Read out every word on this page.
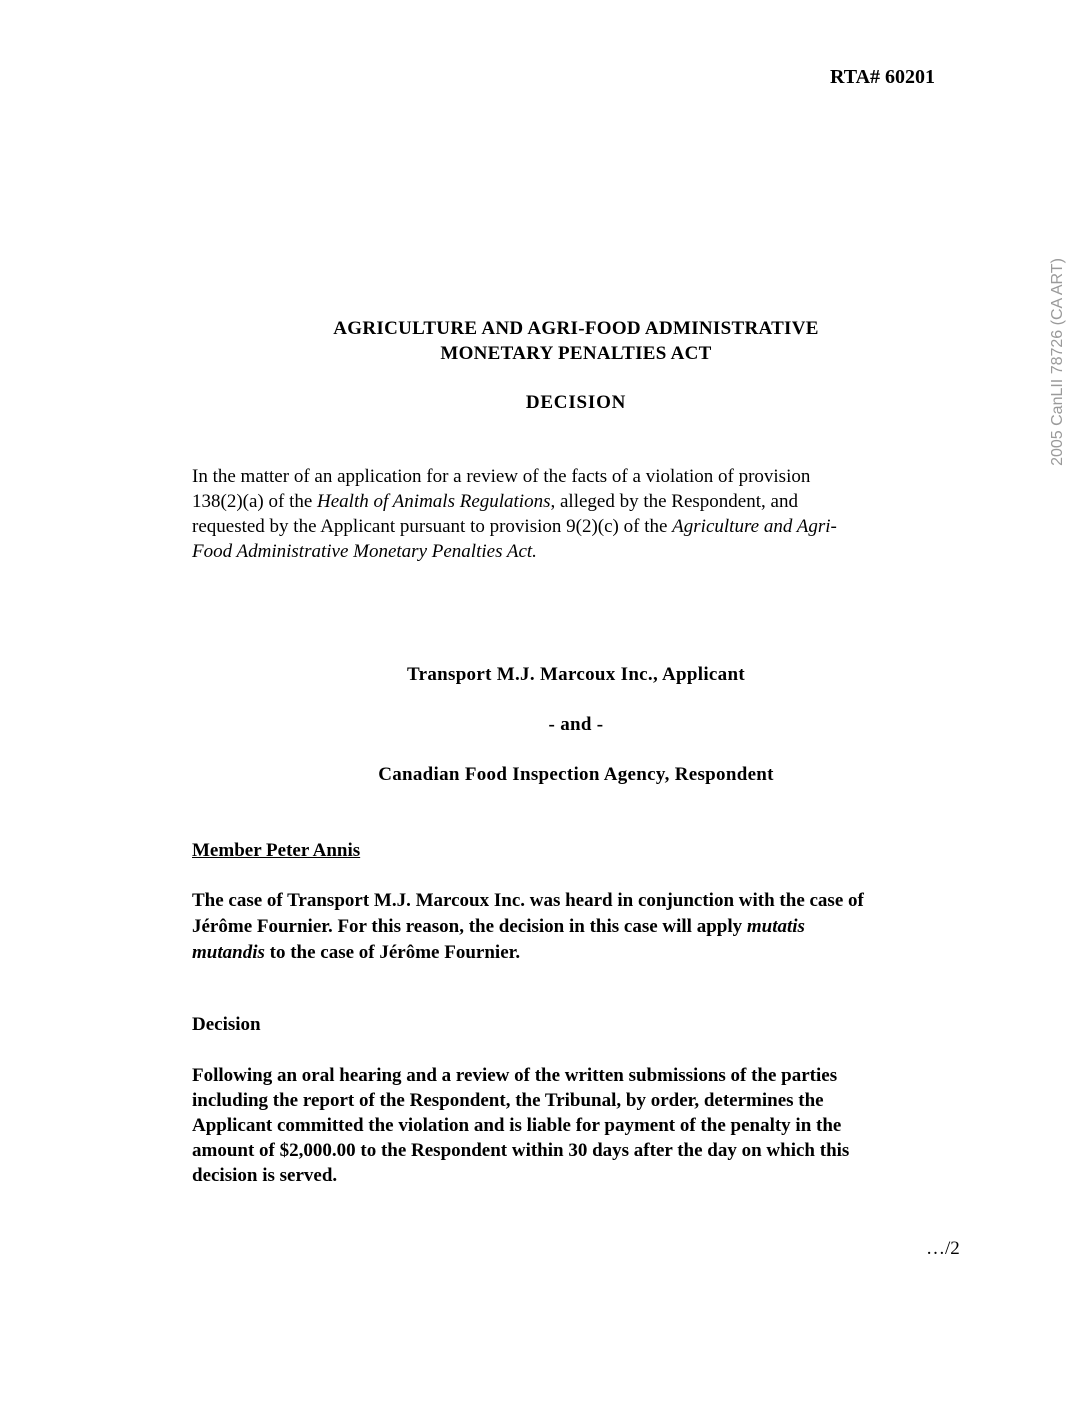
RTA# 60201
2005 CanLII 78726 (CA ART)
AGRICULTURE AND AGRI-FOOD ADMINISTRATIVE
MONETARY PENALTIES ACT
DECISION
In the matter of an application for a review of the facts of a violation of provision
138(2)(a) of the Health of Animals Regulations, alleged by the Respondent, and
requested by the Applicant pursuant to provision 9(2)(c) of the Agriculture and Agri-
Food Administrative Monetary Penalties Act.
Transport M.J. Marcoux Inc., Applicant
- and -
Canadian Food Inspection Agency, Respondent
Member Peter Annis
The case of Transport M.J. Marcoux Inc. was heard in conjunction with the case of
Jérôme Fournier. For this reason, the decision in this case will apply mutatis
mutandis to the case of Jérôme Fournier.
Decision
Following an oral hearing and a review of the written submissions of the parties
including the report of the Respondent, the Tribunal, by order, determines the
Applicant committed the violation and is liable for payment of the penalty in the
amount of $2,000.00 to the Respondent within 30 days after the day on which this
decision is served.
…/2
